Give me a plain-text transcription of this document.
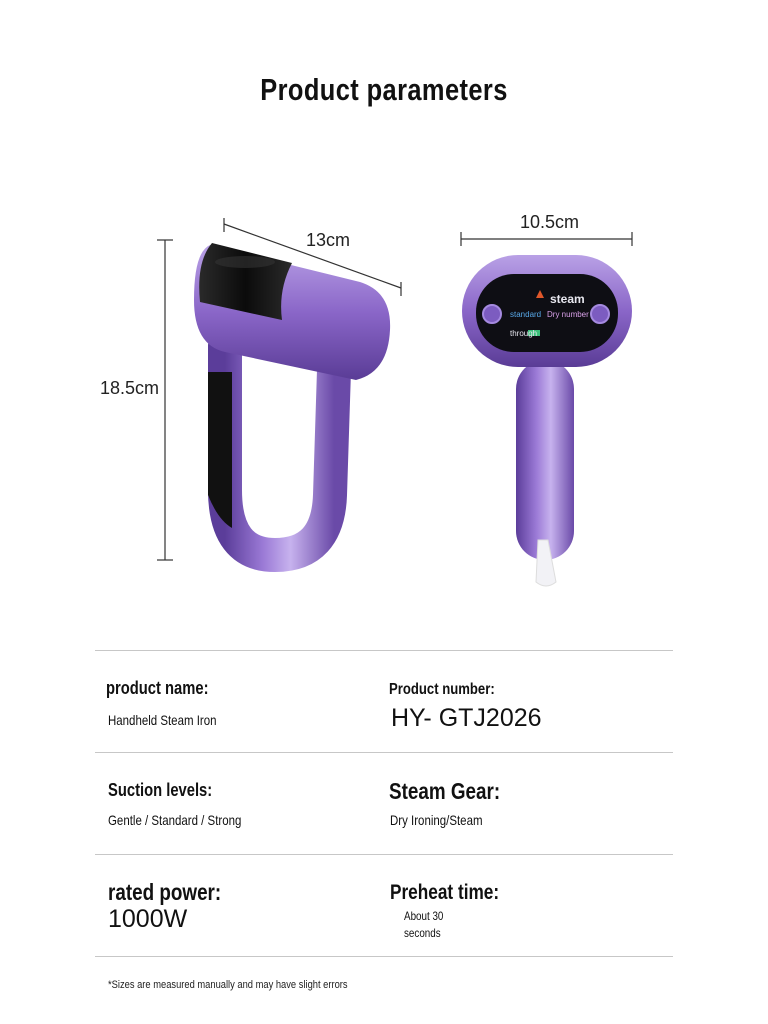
Product parameters
steam
standard Dry number
through
13cm
18.5cm
10.5cm
product name:
Handheld Steam Iron
Product number:
HY- GTJ2026
Suction levels:
Gentle / Standard / Strong
Steam Gear:
Dry Ironing/Steam
rated power:
1000W
Preheat time:
About 30 seconds
*Sizes are measured manually and may have slight errors
